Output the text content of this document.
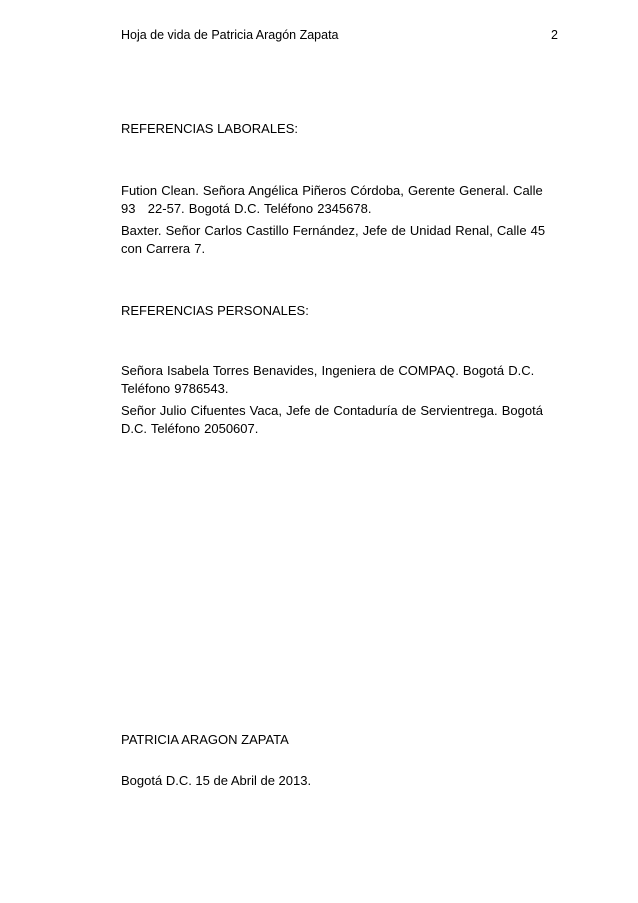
Hoja de vida de Patricia Aragón Zapata	2
REFERENCIAS LABORALES:

Fution Clean. Señora Angélica Piñeros Córdoba, Gerente General. Calle
93   22-57. Bogotá D.C. Teléfono 2345678.

Baxter. Señor Carlos Castillo Fernández, Jefe de Unidad Renal, Calle 45
con Carrera 7.

REFERENCIAS PERSONALES:

Señora Isabela Torres Benavides, Ingeniera de COMPAQ. Bogotá D.C.
Teléfono 9786543.

Señor Julio Cifuentes Vaca, Jefe de Contaduría de Servientrega. Bogotá
D.C. Teléfono 2050607.

PATRICIA ARAGON ZAPATA
Bogotá D.C. 15 de Abril de 2013.
